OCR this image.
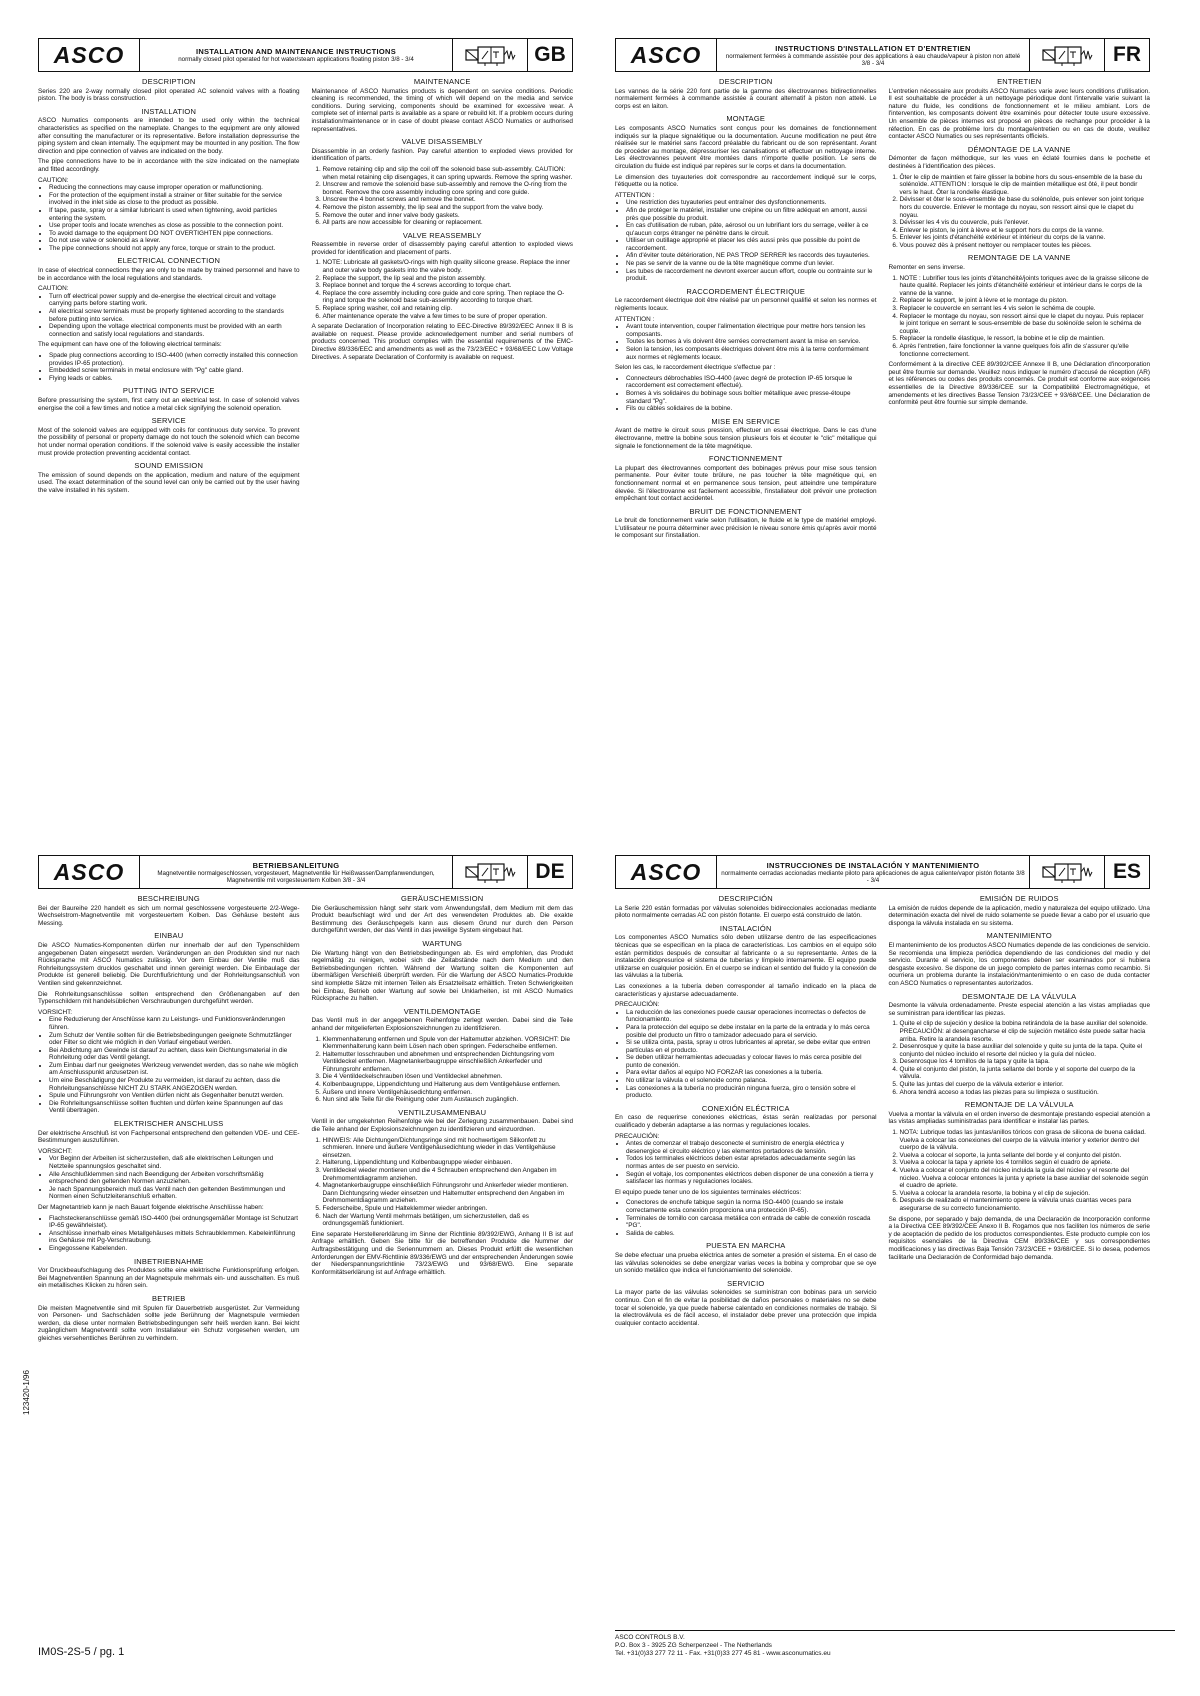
ASCO	INSTALLATION AND MAINTENANCE INSTRUCTIONS
normally closed pilot operated for hot water/steam applications floating piston 3/8 - 3/4	GB
DESCRIPTION
Series 220 are 2-way normally closed pilot operated AC solenoid valves with a floating piston. The body is brass construction.
INSTALLATION
ASCO Numatics components are intended to be used only within the technical characteristics as specified on the nameplate. Changes to the equipment are only allowed after consulting the manufacturer or its representative. Before installation depressurise the piping system and clean internally. The equipment may be mounted in any position. The flow direction and pipe connection of valves are indicated on the body.
The pipe connections have to be in accordance with the size indicated on the nameplate and fitted accordingly.
CAUTION:
• Reducing the connections may cause improper operation or malfunctioning.
• For the protection of the equipment install a strainer or filter suitable for the service involved in the inlet side as close to the product as possible.
• If tape, paste, spray or a similar lubricant is used when tightening, avoid particles entering the system.
• Use proper tools and locate wrenches as close as possible to the connection point.
• To avoid damage to the equipment DO NOT OVERTIGHTEN pipe connections.
• Do not use valve or solenoid as a lever.
• The pipe connections should not apply any force, torque or strain to the product.
ELECTRICAL CONNECTION
In case of electrical connections they are only to be made by trained personnel and have to be in accordance with the local regulations and standards.
CAUTION:
• Turn off electrical power supply and de-energise the electrical circuit and voltage carrying parts before starting work.
• All electrical screw terminals must be properly tightened according to the standards before putting into service.
• Depending upon the voltage electrical components must be provided with an earth connection and satisfy local regulations and standards.
The equipment can have one of the following electrical terminals:
• Spade plug connections according to ISO-4400 (when correctly installed this connection provides IP-65 protection).
• Embedded screw terminals in metal enclosure with "Pg" cable gland.
• Flying leads or cables.
PUTTING INTO SERVICE
Before pressurising the system, first carry out an electrical test. In case of solenoid valves energise the coil a few times and notice a metal click signifying the solenoid operation.
SERVICE
Most of the solenoid valves are equipped with coils for continuous duty service. To prevent the possibility of personal or property damage do not touch the solenoid which can become hot under normal operation conditions. If the solenoid valve is easily accessible the installer must provide protection preventing accidental contact.
SOUND EMISSION
The emission of sound depends on the application, medium and nature of the equipment used. The exact determination of the sound level can only be carried out by the user having the valve installed in his system.
MAINTENANCE
Maintenance of ASCO Numatics products is dependent on service conditions. Periodic cleaning is recommended, the timing of which will depend on the media and service conditions. During servicing, components should be examined for excessive wear. A complete set of internal parts is available as a spare or rebuild kit. If a problem occurs during installation/maintenance or in case of doubt please contact ASCO Numatics or authorised representatives.
VALVE DISASSEMBLY
Disassemble in an orderly fashion. Pay careful attention to exploded views provided for identification of parts.
1. Remove retaining clip and slip the coil off the solenoid base sub-assembly. CAUTION: when metal retaining clip disengages, it can spring upwards. Remove the spring washer.
2. Unscrew and remove the solenoid base sub-assembly and remove the O-ring from the bonnet. Remove the core assembly including core spring and core guide.
3. Unscrew the 4 bonnet screws and remove the bonnet.
4. Remove the piston assembly, the lip seal and the support from the valve body.
5. Remove the outer and inner valve body gaskets.
6. All parts are now accessible for cleaning or replacement.
VALVE REASSEMBLY
Reassemble in reverse order of disassembly paying careful attention to exploded views provided for identification and placement of parts.
1. NOTE: Lubricate all gaskets/O-rings with high quality silicone grease. Replace the inner and outer valve body gaskets into the valve body.
2. Replace the support, the lip seal and the piston assembly.
3. Replace bonnet and torque the 4 screws according to torque chart.
4. Replace the core assembly including core guide and core spring. Then replace the O-ring and torque the solenoid base sub-assembly according to torque chart.
5. Replace spring washer, coil and retaining clip.
6. After maintenance operate the valve a few times to be sure of proper operation.
A separate Declaration of Incorporation relating to EEC-Directive 89/392/EEC Annex II B is available on request. Please provide acknowledgement number and serial numbers of products concerned. This product complies with the essential requirements of the EMC-Directive 89/336/EEC and amendments as well as the 73/23/EEC + 93/68/EEC Low Voltage Directives. A separate Declaration of Conformity is available on request.
ASCO	INSTRUCTIONS D'INSTALLATION ET D'ENTRETIEN
normalement fermées à commande assistée pour des applications à eau chaude/vapeur à piston non attelé 3/8 - 3/4	FR
DESCRIPTION
Les vannes de la série 220 font partie de la gamme des électrovannes bidirectionnelles normalement fermées à commande assistée à courant alternatif à piston non attelé. Le corps est en laiton.
MONTAGE
Les composants ASCO Numatics sont conçus pour les domaines de fonctionnement indiqués sur la plaque signalétique ou la documentation. Aucune modification ne peut être réalisée sur le matériel sans l'accord préalable du fabricant ou de son représentant. Avant de procéder au montage, dépressuriser les canalisations et effectuer un nettoyage interne. Les électrovannes peuvent être montées dans n'importe quelle position. Le sens de circulation du fluide est indiqué par repères sur le corps et dans la documentation.
Le dimension des tuyauteries doit correspondre au raccordement indiqué sur le corps, l'étiquette ou la notice.
ATTENTION :
• Une restriction des tuyauteries peut entraîner des dysfonctionnements.
• Afin de protéger le matériel, installer une crépine ou un filtre adéquat en amont, aussi près que possible du produit.
• En cas d'utilisation de ruban, pâte, aérosol ou un lubrifiant lors du serrage, veiller à ce qu'aucun corps étranger ne pénètre dans le circuit.
• Utiliser un outillage approprié et placer les clés aussi près que possible du point de raccordement.
• Afin d'éviter toute détérioration, NE PAS TROP SERRER les raccords des tuyauteries.
• Ne pas se servir de la vanne ou de la tête magnétique comme d'un levier.
• Les tubes de raccordement ne devront exercer aucun effort, couple ou contrainte sur le produit.
RACCORDEMENT ÉLECTRIQUE
Le raccordement électrique doit être réalisé par un personnel qualifié et selon les normes et règlements locaux.
ATTENTION :
• Avant toute intervention, couper l'alimentation électrique pour mettre hors tension les composants.
• Toutes les bornes à vis doivent être serrées correctement avant la mise en service.
• Selon la tension, les composants électriques doivent être mis à la terre conformément aux normes et règlements locaux.
Selon les cas, le raccordement électrique s'effectue par :
• Connecteurs débrochables ISO-4400 (avec degré de protection IP-65 lorsque le raccordement est correctement effectué).
• Bornes à vis solidaires du bobinage sous boîtier métallique avec presse-étoupe standard "Pg".
• Fils ou câbles solidaires de la bobine.
MISE EN SERVICE
Avant de mettre le circuit sous pression, effectuer un essai électrique. Dans le cas d'une électrovanne, mettre la bobine sous tension plusieurs fois et écouter le "clic" métallique qui signale le fonctionnement de la tête magnétique.
FONCTIONNEMENT
La plupart des électrovannes comportent des bobinages prévus pour mise sous tension permanente. Pour éviter toute brûlure, ne pas toucher la tête magnétique qui, en fonctionnement normal et en permanence sous tension, peut atteindre une température élevée. Si l'électrovanne est facilement accessible, l'installateur doit prévoir une protection empêchant tout contact accidentel.
BRUIT DE FONCTIONNEMENT
Le bruit de fonctionnement varie selon l'utilisation, le fluide et le type de matériel employé. L'utilisateur ne pourra déterminer avec précision le niveau sonore émis qu'après avoir monté le composant sur l'installation.
ENTRETIEN
L'entretien nécessaire aux produits ASCO Numatics varie avec leurs conditions d'utilisation. Il est souhaitable de procéder à un nettoyage périodique dont l'intervalle varie suivant la nature du fluide, les conditions de fonctionnement et le milieu ambiant. Lors de l'intervention, les composants doivent être examinés pour détecter toute usure excessive. Un ensemble de pièces internes est proposé en pièces de rechange pour procéder à la réfection. En cas de problème lors du montage/entretien ou en cas de doute, veuillez contacter ASCO Numatics ou ses représentants officiels.
DÉMONTAGE DE LA VANNE
Démonter de façon méthodique, sur les vues en éclaté fournies dans le pochette et destinées à l'identification des pièces.
1. Ôter le clip de maintien et faire glisser la bobine hors du sous-ensemble de la base du solénoïde. ATTENTION : lorsque le clip de maintien métallique est ôté, il peut bondir vers le haut. Ôter la rondelle élastique.
2. Dévisser et ôter le sous-ensemble de base du solénoïde, puis enlever son joint torique hors du couvercle. Enlever le montage du noyau, son ressort ainsi que le clapet du noyau.
3. Dévisser les 4 vis du couvercle, puis l'enlever.
4. Enlever le piston, le joint à lèvre et le support hors du corps de la vanne.
5. Enlever les joints d'étanchéité extérieur et intérieur du corps de la vanne.
6. Vous pouvez dès à présent nettoyer ou remplacer toutes les pièces.
REMONTAGE DE LA VANNE
Remonter en sens inverse.
1. NOTE : Lubrifier tous les joints d'étanchéité/joints toriques avec de la graisse silicone de haute qualité. Replacer les joints d'étanchéité extérieur et intérieur dans le corps de la vanne de la vanne.
2. Replacer le support, le joint à lèvre et le montage du piston.
3. Replacer le couvercle en serrant les 4 vis selon le schéma de couple.
4. Replacer le montage du noyau, son ressort ainsi que le clapet du noyau. Puis replacer le joint torique en serrant le sous-ensemble de base du solénoïde selon le schéma de couple.
5. Replacer la rondelle élastique, le ressort, la bobine et le clip de maintien.
6. Après l'entretien, faire fonctionner la vanne quelques fois afin de s'assurer qu'elle fonctionne correctement.
Conformément à la directive CEE 89/392/CEE Annexe II B, une Déclaration d'incorporation peut être fournie sur demande. Veuillez nous indiquer le numéro d'accusé de réception (AR) et les références ou codes des produits concernés. Ce produit est conforme aux exigences essentielles de la Directive 89/336/CEE sur la Compatibilité Electromagnétique, et amendements et les directives Basse Tension 73/23/CEE + 93/68/CEE. Une Déclaration de conformité peut être fournie sur simple demande.
ASCO	BETRIEBSANLEITUNG
Magnetventile normalgeschlossen, vorgesteuert, Magnetventile für Heißwasser/Dampfanwendungen, Magnetventile mit vorgesteuertem Kolben 3/8 - 3/4	DE
BESCHREIBUNG
Bei der Baureihe 220 handelt es sich um normal geschlossene vorgesteuerte 2/2-Wege-Wechselstrom-Magnetventile mit vorgesteuertem Kolben. Das Gehäuse besteht aus Messing.
EINBAU
Die ASCO Numatics-Komponenten dürfen nur innerhalb der auf den Typenschildern angegebenen Daten eingesetzt werden. Veränderungen an den Produkten sind nur nach Rücksprache mit ASCO Numatics zulässig. Vor dem Einbau der Ventile muß das Rohrleitungssystem drucklos geschaltet und innen gereinigt werden. Die Einbaulage der Produkte ist generell beliebig. Die Durchflußrichtung und der Rohrleitungsanschluß von Ventilen sind gekennzeichnet.
Die Rohrleitungsanschlüsse sollten entsprechend den Größenangaben auf den Typenschildern mit handelsüblichen Verschraubungen durchgeführt werden.
VORSICHT:
• Eine Reduzierung der Anschlüsse kann zu Leistungs- und Funktionsveränderungen führen.
• Zum Schutz der Ventile sollten für die Betriebsbedingungen geeignete Schmutzfänger oder Filter so dicht wie möglich in den Vorlauf eingebaut werden.
• Bei Abdichtung am Gewinde ist darauf zu achten, dass kein Dichtungsmaterial in die Rohrleitung oder das Ventil gelangt.
• Zum Einbau darf nur geeignetes Werkzeug verwendet werden, das so nahe wie möglich am Anschlusspunkt anzusetzen ist.
• Um eine Beschädigung der Produkte zu vermeiden, ist darauf zu achten, dass die Rohrleitungsanschlüsse NICHT ZU STARK ANGEZOGEN werden.
• Spule und Führungsrohr von Ventilen dürfen nicht als Gegenhalter benutzt werden.
• Die Rohrleitungsanschlüsse sollten fluchten und dürfen keine Spannungen auf das Ventil übertragen.
ELEKTRISCHER ANSCHLUSS
Der elektrische Anschluß ist von Fachpersonal entsprechend den geltenden VDE- und CEE-Bestimmungen auszuführen.
VORSICHT:
• Vor Beginn der Arbeiten ist sicherzustellen, daß alle elektrischen Leitungen und Netzteile spannungslos geschaltet sind.
• Alle Anschlußklemmen sind nach Beendigung der Arbeiten vorschriftsmäßig entsprechend den geltenden Normen anzuziehen.
• Je nach Spannungsbereich muß das Ventil nach den geltenden Bestimmungen und Normen einen Schutzleiteranschluß erhalten.
Der Magnetantrieb kann je nach Bauart folgende elektrische Anschlüsse haben:
• Flachsteckeranschlüsse gemäß ISO-4400 (bei ordnungsgemäßer Montage ist Schutzart IP-65 gewährleistet).
• Anschlüsse innerhalb eines Metallgehäuses mittels Schraubklemmen. Kabeleinführung ins Gehäuse mit Pg-Verschraubung.
• Eingegossene Kabelenden.
INBETRIEBNAHME
Vor Druckbeaufschlagung des Produktes sollte eine elektrische Funktionsprüfung erfolgen. Bei Magnetventilen Spannung an der Magnetspule mehrmals ein- und ausschalten. Es muß ein metallisches Klicken zu hören sein.
BETRIEB
Die meisten Magnetventile sind mit Spulen für Dauerbetrieb ausgerüstet. Zur Vermeidung von Personen- und Sachschäden sollte jede Berührung der Magnetspule vermieden werden, da diese unter normalen Betriebsbedingungen sehr heiß werden kann. Bei leicht zugänglichem Magnetventil sollte vom Installateur ein Schutz vorgesehen werden, um gleiches versehentliches Berühren zu verhindern.
GERÄUSCHEMISSION
Die Geräuschemission hängt sehr stark vom Anwendungsfall, dem Medium mit dem das Produkt beaufschlagt wird und der Art des verwendeten Produktes ab. Die exakte Bestimmung des Geräuschpegels kann aus diesem Grund nur durch den Person durchgeführt werden, der das Ventil in das jeweilige System eingebaut hat.
WARTUNG
Die Wartung hängt von den Betriebsbedingungen ab. Es wird empfohlen, das Produkt regelmäßig zu reinigen, wobei sich die Zeitabstände nach dem Medium und den Betriebsbedingungen richten. Während der Wartung sollten die Komponenten auf übermäßigen Verschleiß überprüft werden. Für die Wartung der ASCO Numatics-Produkte sind komplette Sätze mit internen Teilen als Ersatzteilsatz erhältlich. Treten Schwierigkeiten bei Einbau, Betrieb oder Wartung auf sowie bei Unklarheiten, ist mit ASCO Numatics Rücksprache zu halten.
VENTILDEMONTAGE
Das Ventil muß in der angegebenen Reihenfolge zerlegt werden. Dabei sind die Teile anhand der mitgelieferten Explosionszeichnungen zu identifizieren.
1. Klemmenhalterung entfernen und Spule von der Haltemutter abziehen. VORSICHT: Die Klemmenhalterung kann beim Lösen nach oben springen. Federscheibe entfernen.
2. Haltemutter losschrauben und abnehmen und entsprechenden Dichtungsring vom Ventildeckel entfernen. Magnetankerbaugruppe einschließlich Ankerfeder und Führungsrohr entfernen.
3. Die 4 Ventildeckelschrauben lösen und Ventildeckel abnehmen.
4. Kolbenbaugruppe, Lippendichtung und Halterung aus dem Ventilgehäuse entfernen.
5. Äußere und innere Ventilgehäusedichtung entfernen.
6. Nun sind alle Teile für die Reinigung oder zum Austausch zugänglich.
VENTILZUSAMMENBAU
Ventil in der umgekehrten Reihenfolge wie bei der Zerlegung zusammenbauen. Dabei sind die Teile anhand der Explosionszeichnungen zu identifizieren und einzuordnen.
1. HINWEIS: Alle Dichtungen/Dichtungsringe sind mit hochwertigem Silikonfett zu schmieren. Innere und äußere Ventilgehäusedichtung wieder in das Ventilgehäuse einsetzen.
2. Halterung, Lippendichtung und Kolbenbaugruppe wieder einbauen.
3. Ventildeckel wieder montieren und die 4 Schrauben entsprechend den Angaben im Drehmomentdiagramm anziehen.
4. Magnetankerbaugruppe einschließlich Führungsrohr und Ankerfeder wieder montieren. Dann Dichtungsring wieder einsetzen und Haltemutter entsprechend den Angaben im Drehmomentdiagramm anziehen.
5. Federscheibe, Spule und Halteklemmer wieder anbringen.
6. Nach der Wartung Ventil mehrmals betätigen, um sicherzustellen, daß es ordnungsgemäß funktioniert.
Eine separate Herstellererklärung im Sinne der Richtlinie 89/392/EWG, Anhang II B ist auf Anfrage erhältlich. Geben Sie bitte für die betreffenden Produkte die Nummer der Auftragsbestätigung und die Seriennummern an. Dieses Produkt erfüllt die wesentlichen Anforderungen der EMV-Richtlinie 89/336/EWG und der entsprechenden Änderungen sowie der Niederspannungsrichtlinie 73/23/EWG und 93/68/EWG. Eine separate Konformitätserklärung ist auf Anfrage erhältlich.
ASCO	INSTRUCCIONES DE INSTALACIÓN Y MANTENIMIENTO
normalmente cerradas accionadas mediante piloto para aplicaciones de agua caliente/vapor pistón flotante 3/8 - 3/4	ES
DESCRIPCIÓN
La Serie 220 están formadas por válvulas solenoides bidireccionales accionadas mediante piloto normalmente cerradas AC con pistón flotante. El cuerpo está construido de latón.
INSTALACIÓN
Los componentes ASCO Numatics sólo deben utilizarse dentro de las especificaciones técnicas que se especifican en la placa de características. Los cambios en el equipo sólo están permitidos después de consultar al fabricante o a su representante. Antes de la instalación despresurice el sistema de tuberías y límpielo internamente. El equipo puede utilizarse en cualquier posición. En el cuerpo se indican el sentido del fluido y la conexión de las válvulas a la tubería.
Las conexiones a la tubería deben corresponder al tamaño indicado en la placa de características y ajustarse adecuadamente.
PRECAUCIÓN:
• La reducción de las conexiones puede causar operaciones incorrectas o defectos de funcionamiento.
• Para la protección del equipo se debe instalar en la parte de la entrada y lo más cerca posible del producto un filtro o tamizador adecuado para el servicio.
• Si se utiliza cinta, pasta, spray u otros lubricantes al apretar, se debe evitar que entren partículas en el producto.
• Se deben utilizar herramientas adecuadas y colocar llaves lo más cerca posible del punto de conexión.
• Para evitar daños al equipo NO FORZAR las conexiones a la tubería.
• No utilizar la válvula o el solenoide como palanca.
• Las conexiones a la tubería no producirán ninguna fuerza, giro o tensión sobre el producto.
CONEXIÓN ELÉCTRICA
En caso de requerirse conexiones eléctricas, éstas serán realizadas por personal cualificado y deberán adaptarse a las normas y regulaciones locales.
PRECAUCIÓN:
• Antes de comenzar el trabajo desconecte el suministro de energía eléctrica y desenergice el circuito eléctrico y las elementos portadores de tensión.
• Todos los terminales eléctricos deben estar apretados adecuadamente según las normas antes de ser puesto en servicio.
• Según el voltaje, los componentes eléctricos deben disponer de una conexión a tierra y satisfacer las normas y regulaciones locales.
El equipo puede tener uno de los siguientes terminales eléctricos:
• Conectores de enchufe tabique según la norma ISO-4400 (cuando se instale correctamente esta conexión proporciona una protección IP-65).
• Terminales de tornillo con carcasa metálica con entrada de cable de conexión roscada "PG".
• Salida de cables.
PUESTA EN MARCHA
Se debe efectuar una prueba eléctrica antes de someter a presión el sistema. En el caso de las válvulas solenoides se debe energizar varias veces la bobina y comprobar que se oye un sonido metálico que indica el funcionamiento del solenoide.
SERVICIO
La mayor parte de las válvulas solenoides se suministran con bobinas para un servicio continuo. Con el fin de evitar la posibilidad de daños personales o materiales no se debe tocar el solenoide, ya que puede haberse calentado en condiciones normales de trabajo. Si la electroválvula es de fácil acceso, el instalador debe prever una protección que impida cualquier contacto accidental.
EMISIÓN DE RUIDOS
La emisión de ruidos depende de la aplicación, medio y naturaleza del equipo utilizado. Una determinación exacta del nivel de ruido solamente se puede llevar a cabo por el usuario que disponga la válvula instalada en su sistema.
MANTENIMIENTO
El mantenimiento de los productos ASCO Numatics depende de las condiciones de servicio. Se recomienda una limpieza periódica dependiendo de las condiciones del medio y del servicio. Durante el servicio, los componentes deben ser examinados por si hubiera desgaste excesivo. Se dispone de un juego completo de partes internas como recambio. Si ocurriera un problema durante la instalación/mantenimiento o en caso de duda contacter con ASCO Numatics o representantes autorizados.
DESMONTAJE DE LA VÁLVULA
Desmonte la válvula ordenadamente. Preste especial atención a las vistas ampliadas que se suministran para identificar las piezas.
1. Quite el clip de sujeción y deslice la bobina retirándola de la base auxiliar del solenoide. PRECAUCIÓN: al desengancharse el clip de sujeción metálico éste puede saltar hacia arriba. Retire la arandela resorte.
2. Desenrosque y quite la base auxiliar del solenoide y quite su junta de la tapa. Quite el conjunto del núcleo incluido el resorte del núcleo y la guía del núcleo.
3. Desenrosque los 4 tornillos de la tapa y quite la tapa.
4. Quite el conjunto del pistón, la junta sellante del borde y el soporte del cuerpo de la válvula.
5. Quite las juntas del cuerpo de la válvula exterior e interior.
6. Ahora tendrá acceso a todas las piezas para su limpieza o sustitución.
REMONTAJE DE LA VÁLVULA
Vuelva a montar la válvula en el orden inverso de desmontaje prestando especial atención a las vistas ampliadas suministradas para identificar e instalar las partes.
1. NOTA: Lubrique todas las juntas/anillos tóricos con grasa de silicona de buena calidad. Vuelva a colocar las conexiones del cuerpo de la válvula interior y exterior dentro del cuerpo de la válvula.
2. Vuelva a colocar el soporte, la junta sellante del borde y el conjunto del pistón.
3. Vuelva a colocar la tapa y apriete los 4 tornillos según el cuadro de apriete.
4. Vuelva a colocar el conjunto del núcleo incluida la guía del núcleo y el resorte del núcleo. Vuelva a colocar entonces la junta y apriete la base auxiliar del solenoide según el cuadro de apriete.
5. Vuelva a colocar la arandela resorte, la bobina y el clip de sujeción.
6. Después de realizado el mantenimiento opere la válvula unas cuantas veces para asegurarse de su correcto funcionamiento.
Se dispone, por separado y bajo demanda, de una Declaración de Incorporación conforme a la Directiva CEE 89/392/CEE Anexo II B. Rogamos que nos faciliten los números de serie y de aceptación de pedido de los productos correspondientes. Este producto cumple con los requisitos esenciales de la Directiva CEM 89/336/CEE y sus correspondientes modificaciones y las directivas Baja Tensión 73/23/CEE + 93/68/CEE. Si lo desea, podemos facilitarle una Declaración de Conformidad bajo demanda.
123420-1/96
IM0S-2S-5 / pg. 1
ASCO CONTROLS B.V.
P.O. Box 3 - 3925 ZG Scherpenzeel - The Netherlands
Tel. +31(0)33 277 72 11 - Fax. +31(0)33 277 45 81 - www.asconumatics.eu
